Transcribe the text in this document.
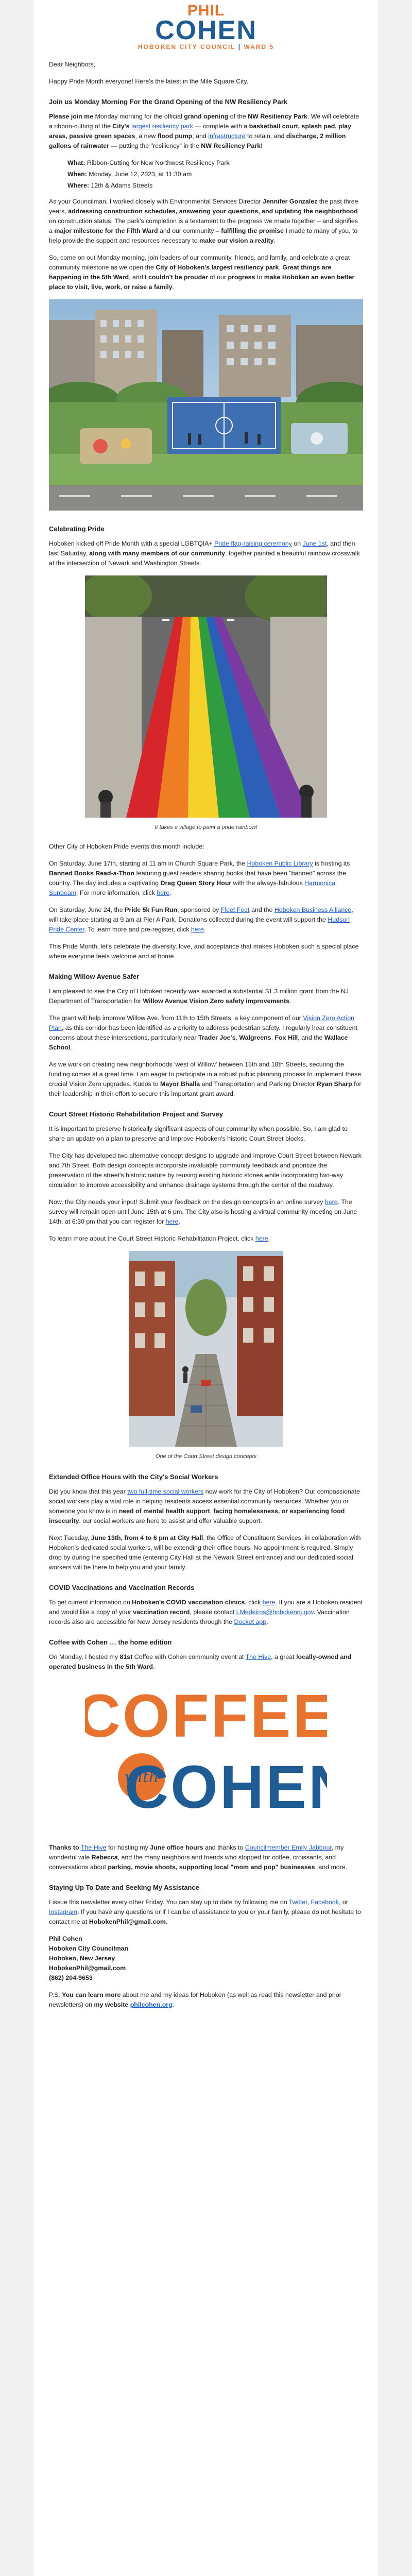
PHIL
COHEN
HOBOKEN CITY COUNCIL | WARD 5

Dear Neighbors,

Happy Pride Month everyone! Here's the latest in the Mile Square City.

Join us Monday Morning For the Grand Opening of the NW Resiliency Park

Please join me Monday morning for the official grand opening of the NW Resiliency Park. We will celebrate a ribbon-cutting of the City's largest resiliency park — complete with a basketball court, splash pad, play areas, passive green spaces, a new flood pump, and infrastructure to retain, and discharge, 2 million gallons of rainwater — putting the "resiliency" in the NW Resiliency Park!

What: Ribbon-Cutting for New Northwest Resiliency Park
When: Monday, June 12, 2023, at 11:30 am
Where: 12th & Adams Streets

As your Councilman, I worked closely with Environmental Services Director Jennifer Gonzalez the past three years, addressing construction schedules, answering your questions, and updating the neighborhood on construction status. The park's completion is a testament to the progress we made together – and signifies a major milestone for the Fifth Ward and our community – fulfilling the promise I made to many of you, to help provide the support and resources necessary to make our vision a reality.

So, come on out Monday morning, join leaders of our community, friends, and family, and celebrate a great community milestone as we open the City of Hoboken's largest resiliency park. Great things are happening in the 5th Ward, and I couldn't be prouder of our progress to make Hoboken an even better place to visit, live, work, or raise a family.

Celebrating Pride

Hoboken kicked off Pride Month with a special LGBTQIA+ Pride flag-raising ceremony on June 1st, and then last Saturday, along with many members of our community, together painted a beautiful rainbow crosswalk at the intersection of Newark and Washington Streets.

It takes a village to paint a pride rainbow!

Other City of Hoboken Pride events this month include:

On Saturday, June 17th, starting at 11 am in Church Square Park, the Hoboken Public Library is hosting its Banned Books Read-a-Thon featuring guest readers sharing books that have been "banned" across the country. The day includes a captivating Drag Queen Story Hour with the always-fabulous Harmonica Sunbeam. For more information, click here.

On Saturday, June 24, the Pride 5k Fun Run, sponsored by Fleet Feet and the Hoboken Business Alliance, will take place starting at 9 am at Pier A Park. Donations collected during the event will support the Hudson Pride Center. To learn more and pre-register, click here.

This Pride Month, let's celebrate the diversity, love, and acceptance that makes Hoboken such a special place where everyone feels welcome and at home.

Making Willow Avenue Safer

I am pleased to see the City of Hoboken recently was awarded a substantial $1.3 million grant from the NJ Department of Transportation for Willow Avenue Vision Zero safety improvements.

The grant will help improve Willow Ave. from 11th to 15th Streets, a key component of our Vision Zero Action Plan, as this corridor has been identified as a priority to address pedestrian safety. I regularly hear constituent concerns about these intersections, particularly near Trader Joe's, Walgreens, Fox Hill, and the Wallace School.

As we work on creating new neighborhoods 'west of Willow' between 15th and 18th Streets, securing the funding comes at a great time. I am eager to participate in a robust public planning process to implement these crucial Vision Zero upgrades. Kudos to Mayor Bhalla and Transportation and Parking Director Ryan Sharp for their leadership in their effort to secure this important grant award.

Court Street Historic Rehabilitation Project and Survey

It is important to preserve historically significant aspects of our community when possible. So, I am glad to share an update on a plan to preserve and improve Hoboken's historic Court Street blocks.

The City has developed two alternative concept designs to upgrade and improve Court Street between Newark and 7th Street. Both design concepts incorporate invaluable community feedback and prioritize the preservation of the street's historic nature by reusing existing historic stones while incorporating two-way circulation to improve accessibility and enhance drainage systems through the center of the roadway.

Now, the City needs your input! Submit your feedback on the design concepts in an online survey here. The survey will remain open until June 15th at 6 pm. The City also is hosting a virtual community meeting on June 14th, at 6:30 pm that you can register for here.

To learn more about the Court Street Historic Rehabilitation Project, click here.

One of the Court Street design concepts
Extended Office Hours with the City's Social Workers

Did you know that this year two full-time social workers now work for the City of Hoboken? Our compassionate social workers play a vital role in helping residents access essential community resources. Whether you or someone you know is in need of mental health support, facing homelessness, or experiencing food insecurity, our social workers are here to assist and offer valuable support.

Next Tuesday, June 13th, from 4 to 6 pm at City Hall, the Office of Constituent Services, in collaboration with Hoboken's dedicated social workers, will be extending their office hours. No appointment is required. Simply drop by during the specified time (entering City Hall at the Newark Street entrance) and our dedicated social workers will be there to help you and your family.

COVID Vaccinations and Vaccination Records

To get current information on Hoboken's COVID vaccination clinics, click here. If you are a Hoboken resident and would like a copy of your vaccination record, please contact LMedeiros@hobokennj.gov. Vaccination records also are accessible for New Jersey residents through the Docket app.

Coffee with Cohen … the home edition

On Monday, I hosted my 81st Coffee with Cohen community event at The Hive, a great locally-owned and operated business in the 5th Ward.

COFFEE
with
COHE

Thanks to The Hive for hosting my June office hours and thanks to Councilmember Emily Jabbour, my wonderful wife Rebecca, and the many neighbors and friends who stopped for coffee, croissants, and conversations about parking, movie shoots, supporting local "mom and pop" businesses, and more.

Staying Up To Date and Seeking My Assistance

I issue this newsletter every other Friday. You can stay up to date by following me on Twitter, Facebook, or Instagram. If you have any questions or if I can be of assistance to you or your family, please do not hesitate to contact me at HobokenPhil@gmail.com.

Phil Cohen

Hoboken City Councilman

Hoboken, New Jersey

HobokenPhil@gmail.com

(862) 204-9653

P.S. You can learn more about me and my ideas for Hoboken (as well as read this newsletter and prior newsletters) on my website philcohen.org.
